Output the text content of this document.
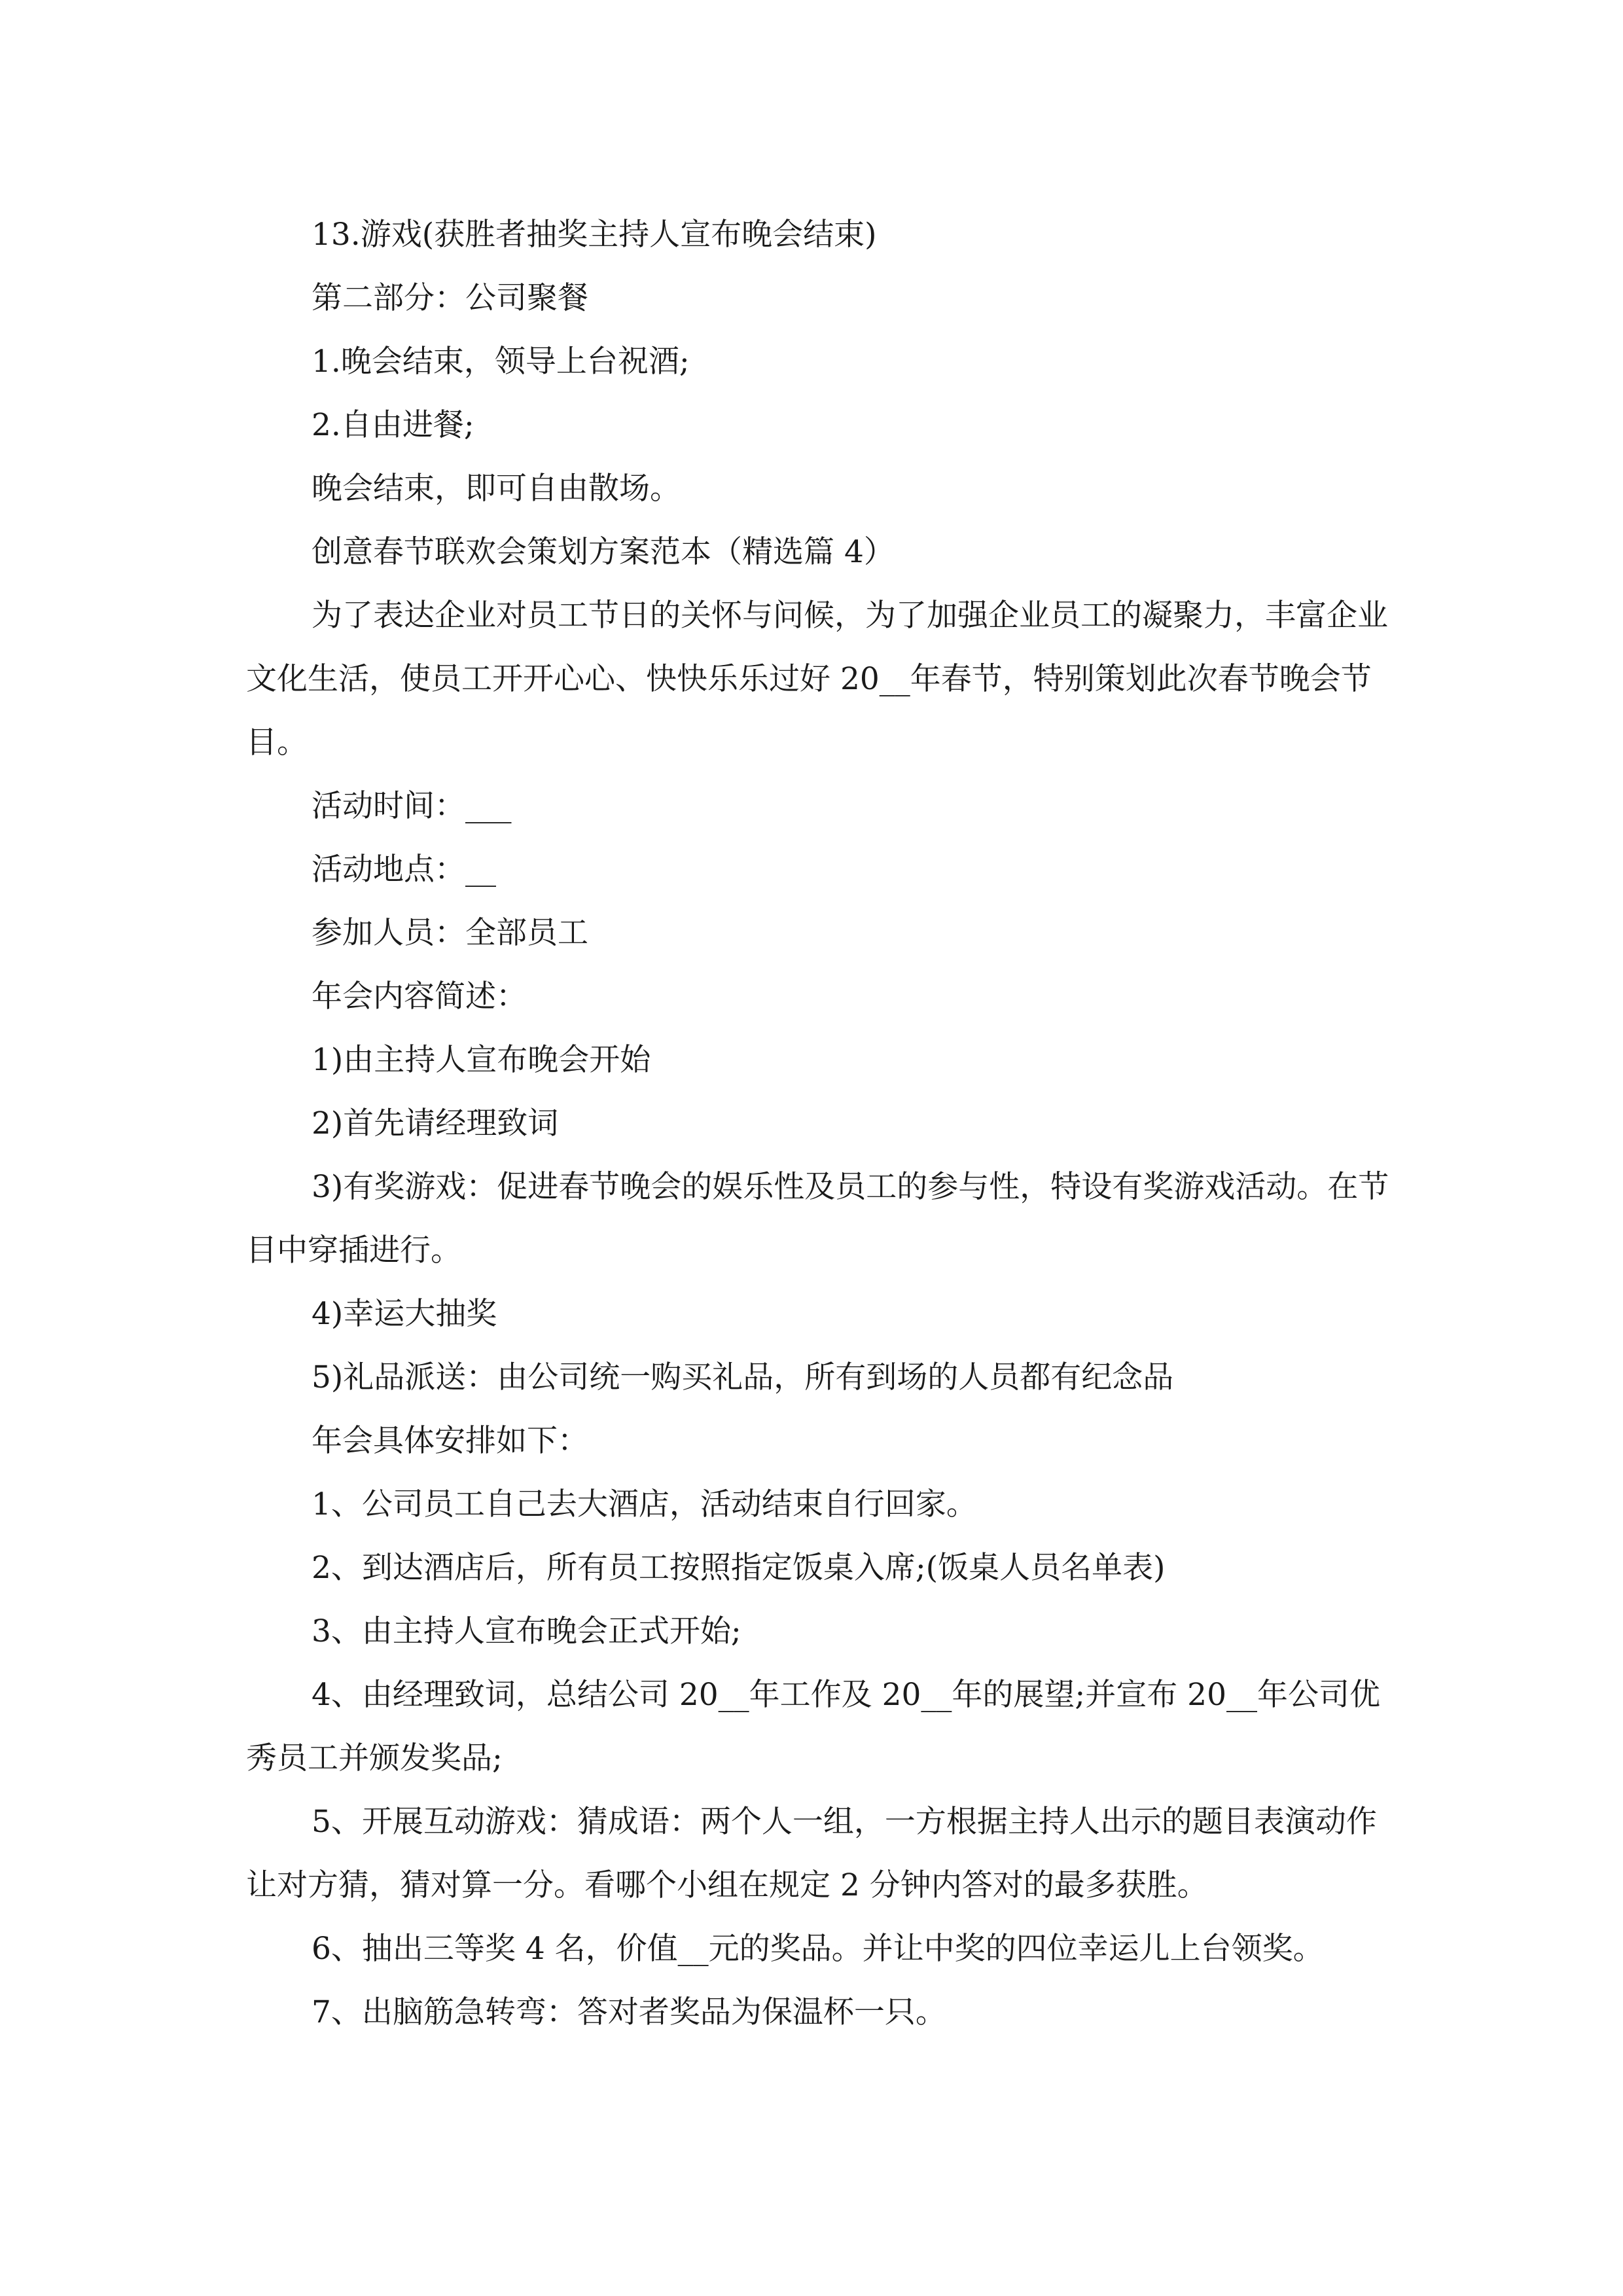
13.游戏(获胜者抽奖主持人宣布晚会结束)

第二部分：公司聚餐

1.晚会结束，领导上台祝酒;

2.自由进餐;

晚会结束，即可自由散场。

创意春节联欢会策划方案范本（精选篇 4）

为了表达企业对员工节日的关怀与问候，为了加强企业员工的凝聚力，丰富企业文化生活，使员工开开心心、快快乐乐过好 20__年春节，特别策划此次春节晚会节目。

活动时间：___

活动地点：__

参加人员：全部员工

年会内容简述：

1)由主持人宣布晚会开始

2)首先请经理致词

3)有奖游戏：促进春节晚会的娱乐性及员工的参与性，特设有奖游戏活动。在节目中穿插进行。

4)幸运大抽奖

5)礼品派送：由公司统一购买礼品，所有到场的人员都有纪念品

年会具体安排如下：

1、公司员工自己去大酒店，活动结束自行回家。

2、到达酒店后，所有员工按照指定饭桌入席;(饭桌人员名单表)

3、由主持人宣布晚会正式开始;

4、由经理致词，总结公司 20__年工作及 20__年的展望;并宣布 20__年公司优秀员工并颁发奖品;

5、开展互动游戏：猜成语：两个人一组，一方根据主持人出示的题目表演动作让对方猜，猜对算一分。看哪个小组在规定 2 分钟内答对的最多获胜。

6、抽出三等奖 4 名，价值__元的奖品。并让中奖的四位幸运儿上台领奖。

7、出脑筋急转弯：答对者奖品为保温杯一只。
